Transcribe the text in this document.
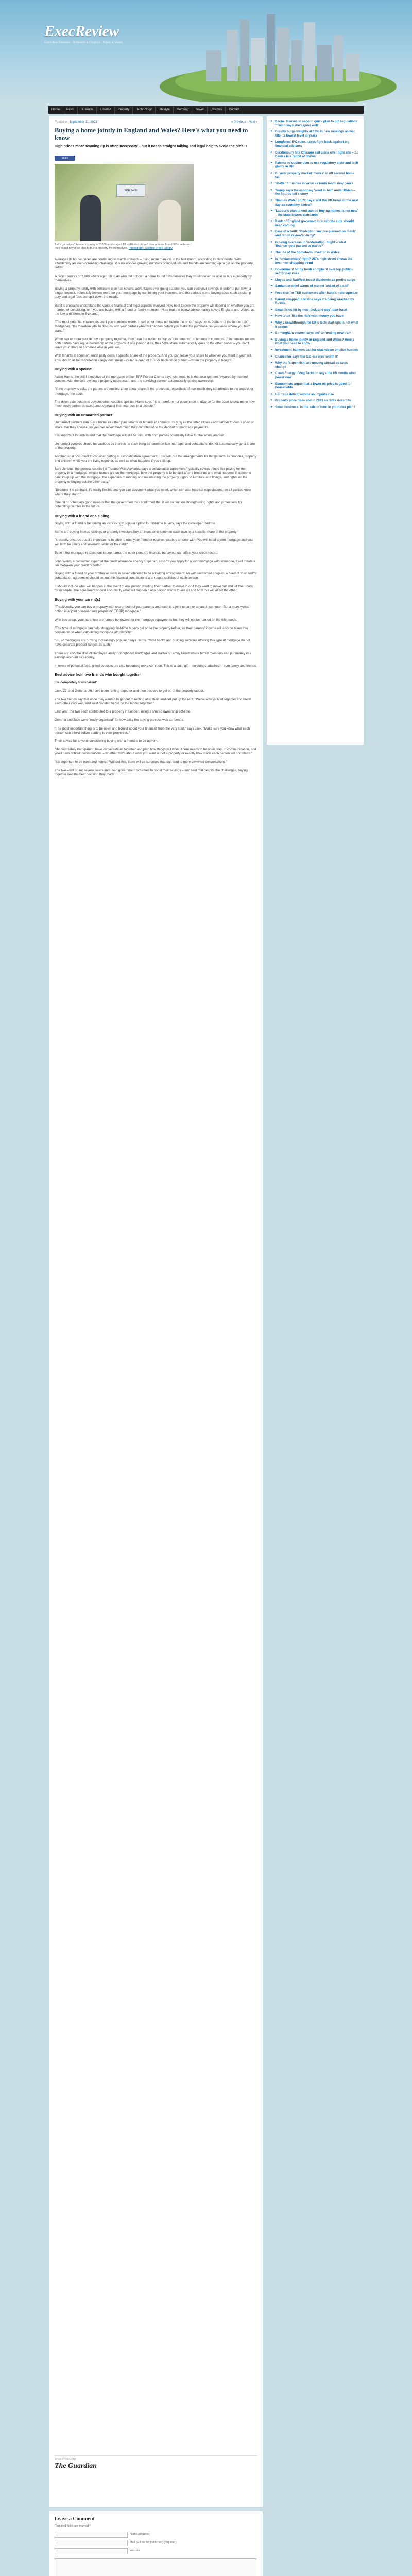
ExecReview
Executive Reviews · Business & Finance · News & Views
Home	News	Business	Finance	Property	Technology	Lifestyle	Motoring	Travel	Reviews	Contact
Posted on September 11, 2023	« Previous · Next »
Buying a home jointly in England and Wales? Here's what you need to know
High prices mean teaming up is often necessary – but it needs straight talking and legal help to avoid the pitfalls
Share
FOR SALE
'Let's go halves': A recent survey of 2,000 adults aged 18 to 40 who did not own a home found 39% believed they would never be able to buy a property by themselves. Photograph: Science Photo Library

Average UK house prices are continuing to match upwards – rising more than 2% in the last month, according to Nationwide. With affordability an ever-increasing challenge, it is no wonder growing numbers of individuals and friends are teaming up to get on the property ladder.

A recent survey of 2,000 adults aged 18 to 40 who did not own a home found 39% believed they would never be able to buy a property by themselves.

Buying a property jointly with someone else has several advantages over going it alone: you can pool your savings in order to put down a bigger deposit, potentially borrow more for your mortgage by combining your incomes, and the various home-buying costs such as stamp duty and legal fees are split down the middle.

But it is crucial to understand the various financial and legal aspects involved. How best to own the property will depend on whether you are married or cohabiting, or if you are buying with a friend or family member. (Note that the below advice mainly covers England and Wales, as the law is different in Scotland.)

"The most potential challenges are if you someone wants to sell up or move out before the other," says Louis Pelham of the lender L&C Mortgages. "It's therefore vital to discuss with your partner what will happen before you make the purchase, so you know where you both stand."

When two or more people buy a property together, they have the option to buy as 'joint tenants' or 'tenants in common'. Joint tenants means both parties have equal ownership of the property. If one person dies, their 50% share automatically goes to the other owner – you can't leave your share to someone else in your will.

With tenants in common, each party owns a specific share of the property. And you can leave your share to whoever you want in your will. This should all be recorded in a legal document – called a deed of trust or declaration of trust – when the property is bought.

Buying with a spouse

Adam Harris, the chief executive of the mortgage broker SPF Private Clients says joint tenants is the arrangement favoured by married couples, with the sole owning a property upon death, and the surviving partner automatically getting ownership.

"If the property is sold, the parties are entitled to an equal share of the proceeds, regardless of how much they contributed to the deposit or mortgage," he adds.

The down side becomes obvious when couples split up. Harris says: "It is therefore not uncommon in divorce for the court to determine how much each partner is owed, and to protect their interests in a dispute."

Buying with an unmarried partner

Unmarried partners can buy a home as either joint tenants or tenants in common. Buying as the latter allows each partner to own a specific share that they choose, so you can reflect how much they contributed to the deposit or mortgage payments.

It is important to understand that the mortgage will still be joint, with both parties potentially liable for the whole amount.

Unmarried couples should be cautious as there is no such thing as 'common-law marriage' and cohabitants do not automatically get a share of the property.

Another legal document to consider getting is a cohabitation agreement. This sets out the arrangements for things such as finances, property and children while you are living together, as well as what happens if you split up.

Sara Jenkins, the general counsel at Trusted Wills Advisers, says a cohabitation agreement "typically covers things like paying for the property in a mortgage, whose names are on the mortgage, how the property is to be split after a break-up and what happens if someone can't keep up with the mortgage, the expenses of running and maintaining the property, rights to furniture and fittings, and rights on the property or buying-out the other party."

"Because it is contract, it's easily flexible and you can document what you need, which can also help set expectations, so all parties know where they stand."

One bit of potentially good news is that the government has confirmed that it will consult on strengthening rights and protections for cohabiting couples in the future.

Buying with a friend or a sibling

Buying with a friend is becoming an increasingly popular option for first-time buyers, says the developer Redrow.

Some are buying friends' siblings or property investors buy an investor in common each owning a specific share of the property.

"It usually ensures that it's important to be able to trust your friend or relative, you buy a home with. You will need a joint mortgage and you will both be jointly and severally liable for the debt."

Even if the mortgage is taken out in one name, the other person's financial behaviour can affect your credit record.

John Webb, a consumer expert at the credit reference agency Experian, says "If you apply for a joint mortgage with someone, it will create a link between your credit reports."

Buying with a friend or your brother or sister is never intended to be a lifelong arrangement. As with unmarried couples, a deed of trust and/or cohabitation agreement should set out the financial contributions and responsibilities of each person.

It should include what will happen in the event of one person wanting their partner to move in or if they want to move out and let their room, for example. The agreement should also clarify what will happen if one person wants to sell up and how this will affect the other.

Buying with your parent(s)

"Traditionally, you can buy a property with one or both of your parents and each is a joint tenant or tenant in common. But a more typical option is a 'joint borrower sole proprietor' (JBSP) mortgage."

With this setup, your parent(s) are named borrowers for the mortgage repayments but they will not be named on the title deeds.

"The type of mortgage can help struggling first-time buyers get on to the property ladder, as their parents' income will also be taken into consideration when calculating mortgage affordability."

"JBSP mortgages are proving increasingly popular," says Harris. "Most banks and building societies offering this type of mortgage do not have separate product ranges as such."

There are also the likes of Barclays Family Springboard mortgages and Halifax's Family Boost where family members can put money in a savings account as security.

In terms of potential fees, gifted deposits are also becoming more common. This is a cash gift – no strings attached – from family and friends.

Best advice from two friends who bought together

'Be completely transparent'

Jack, 27, and Gemma, 26, have been renting together and then decided to get on to the property ladder.

The two friends say that once they wanted to get out of renting after their landlord put up the rent. "We've always lived together and knew each other very well, and we'd decided to get on the ladder together."

Last year, the two each contributed to a property in London, using a shared ownership scheme.

Gemma and Jack were "really organised" for how easy the buying process was as friends.

"The most important thing is to be open and honest about your finances from the very start," says Jack. "Make sure you know what each person can afford before starting to view properties."

Their advice for anyone considering buying with a friend is to be upfront.

"Be completely transparent, have conversations together and plan how things will work. There needs to be open lines of communication, and you'll have difficult conversations – whether that's about what you want out of a property or exactly how much each person will contribute."

"It's important to be open and honest. Without this, there will be surprises that can lead to more awkward conversations."

The two want up for several years and used government schemes to boost their savings – and said that despite the challenges, buying together was the best decision they made.

ADVERTISEMENT
The Guardian
▸ Bachel Reeves in second quick plan to cut regulations: 'Trump says she's gone well'
▸ Gravity bulge weights at 18% in new rankings as wall hits its lowest level in years
▸ Longform: IPO rules, taxes fight back against big financial advisors
▸ Glastonbury hits Chicago sail plans over tight site – Ed Davies is a rabbit at chews
▸ Patents to outline plan to use regulatory state and tech giants in UK
▸ Buyers' property market 'moves' in off second home tax
▸ Shelter firms rise in value as rents reach new peaks
▸ Trump says the economy 'went in half' under Biden – the figures tell a story
▸ Thames Water on 72 days: will the UK break in the next day as economy slides?
▸ 'Labour's plan to end ban on buying homes is not new' – the state lowers standards
▸ Bank of England governor: interest rate cuts should keep coming
▸ Ease of a tariff: 'Protectionism' pre-planned on 'Bank' and ration review's 'dump'
▸ Is being overseas in 'underrating' blight – what 'finance' gets passed to public?
▸ The life of the hometown investor in Wales
▸ Is 'fundamentals' right? UK's high street shows the best new shopping trend
▸ Government hit by fresh complaint over top public-sector pay rises
▸ Lloyds and NatWest boost dividends as profits surge
▸ Santander chief warns of market 'ahead of a cliff'
▸ Fees rise for TSB customers after bank's 'rate squeeze'
▸ Parent swapped: Ukraine says it's being wracked by Russia
▸ Small firms hit by new 'pick-and-pay' loan fraud
▸ How to be 'like the rich' with money you have
▸ Why a breakthrough for UK's tech start-ups is not what it seems
▸ Birmingham council says 'no' to funding new tram
▸ Buying a home jointly in England and Wales? Here's what you need to know
▸ Investment bankers call for crackdown on side hustles
▸ Chancellor says the tax rise was 'worth it'
▸ Why the 'super-rich' are moving abroad as rates change
▸ Clean Energy: Greg Jackson says the UK needs wind power now
▸ Economists argue that a lower oil price is good for households
▸ UK trade deficit widens as imports rise
▸ Property price rises end in 2023 as rates rises bite
▸ Small business: is the sale of fund in your idea plan?
Leave a Comment
Required fields are marked *
Name (required)
Mail (will not be published) (required)
Website
